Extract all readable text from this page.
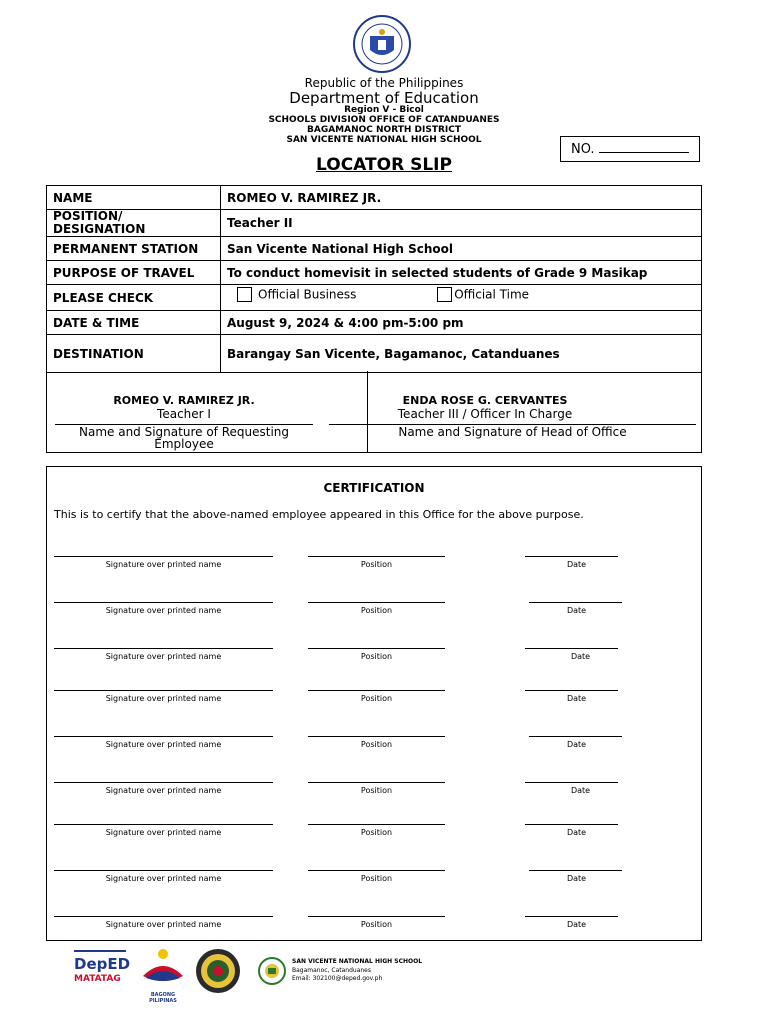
Republic of the Philippines
Department of Education
Region V - Bicol
SCHOOLS DIVISION OFFICE OF CATANDUANES
BAGAMANOC NORTH DISTRICT
SAN VICENTE NATIONAL HIGH SCHOOL
LOCATOR SLIP
NO.
NAME	ROMEO V. RAMIREZ JR.
POSITION/ DESIGNATION	Teacher II
PERMANENT STATION	San Vicente National High School
PURPOSE OF TRAVEL	To conduct homevisit in selected students of Grade 9 Masikap
PLEASE CHECK	Official Business Official Time
DATE & TIME	August 9, 2024 & 4:00 pm-5:00 pm
DESTINATION	Barangay San Vicente, Bagamanoc, Catanduanes
ROMEO V. RAMIREZ JR.
Teacher I
Name and Signature of Requesting Employee
ENDA ROSE G. CERVANTES
Teacher III / Officer In Charge
Name and Signature of Head of Office
CERTIFICATION
This is to certify that the above-named employee appeared in this Office for the above purpose.
Signature over printed name	Position	Date
Signature over printed name	Position	Date
Signature over printed name	Position	Date
Signature over printed name	Position	Date
Signature over printed name	Position	Date
Signature over printed name	Position	Date
Signature over printed name	Position	Date
Signature over printed name	Position	Date
Signature over printed name	Position	Date
DepED
MATATAG
BAGONG PILIPINAS
SAN VICENTE NATIONAL HIGH SCHOOL
Bagamanoc, Catanduanes
Email: 302100@deped.gov.ph
